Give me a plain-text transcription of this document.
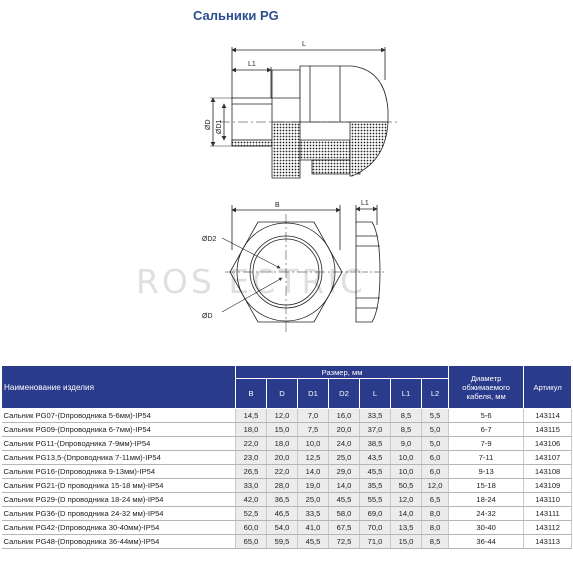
Сальники PG
L
L1
ØD ØD1
B
ØD2
ØD
L1
ROS ECTRIC
Наименование изделия	Размер, мм							Диаметр обжимаемого кабеля, мм	Артикул
	B	D	D1	D2	L	L1	L2		
Сальник PG07-(Dпроводника 5-6мм)-IP54	14,5	12,0	7,0	16,0	33,5	8,5	5,5	5-6	143114
Сальник PG09-(Dпроводника 6-7мм)-IP54	18,0	15,0	7,5	20,0	37,0	8,5	5,0	6-7	143115
Сальник PG11-(Dпроводника 7-9мм)-IP54	22,0	18,0	10,0	24,0	38,5	9,0	5,0	7-9	143106
Сальник PG13,5-(Dпроводника 7-11мм)-IP54	23,0	20,0	12,5	25,0	43,5	10,0	6,0	7-11	143107
Сальник PG16-(Dпроводника 9-13мм)-IP54	26,5	22,0	14,0	29,0	45,5	10,0	6,0	9-13	143108
Сальник PG21-(D проводника 15-18 мм)-IP54	33,0	28,0	19,0	14,0	35,5	50,5	12,0	15-18	143109
Сальник PG29-(D проводника 18-24 мм)-IP54	42,0	36,5	25,0	45,5	55,5	12,0	6,5	18-24	143110
Сальник PG36-(D проводника 24-32 мм)-IP54	52,5	46,5	33,5	58,0	69,0	14,0	8,0	24-32	143111
Сальник PG42-(Dпроводника 30-40мм)-IP54	60,0	54,0	41,0	67,5	70,0	13,5	8,0	30-40	143112
Сальник PG48-(Dпроводника 36-44мм)-IP54	65,0	59,5	45,5	72,5	71,0	15,0	8,5	36-44	143113
